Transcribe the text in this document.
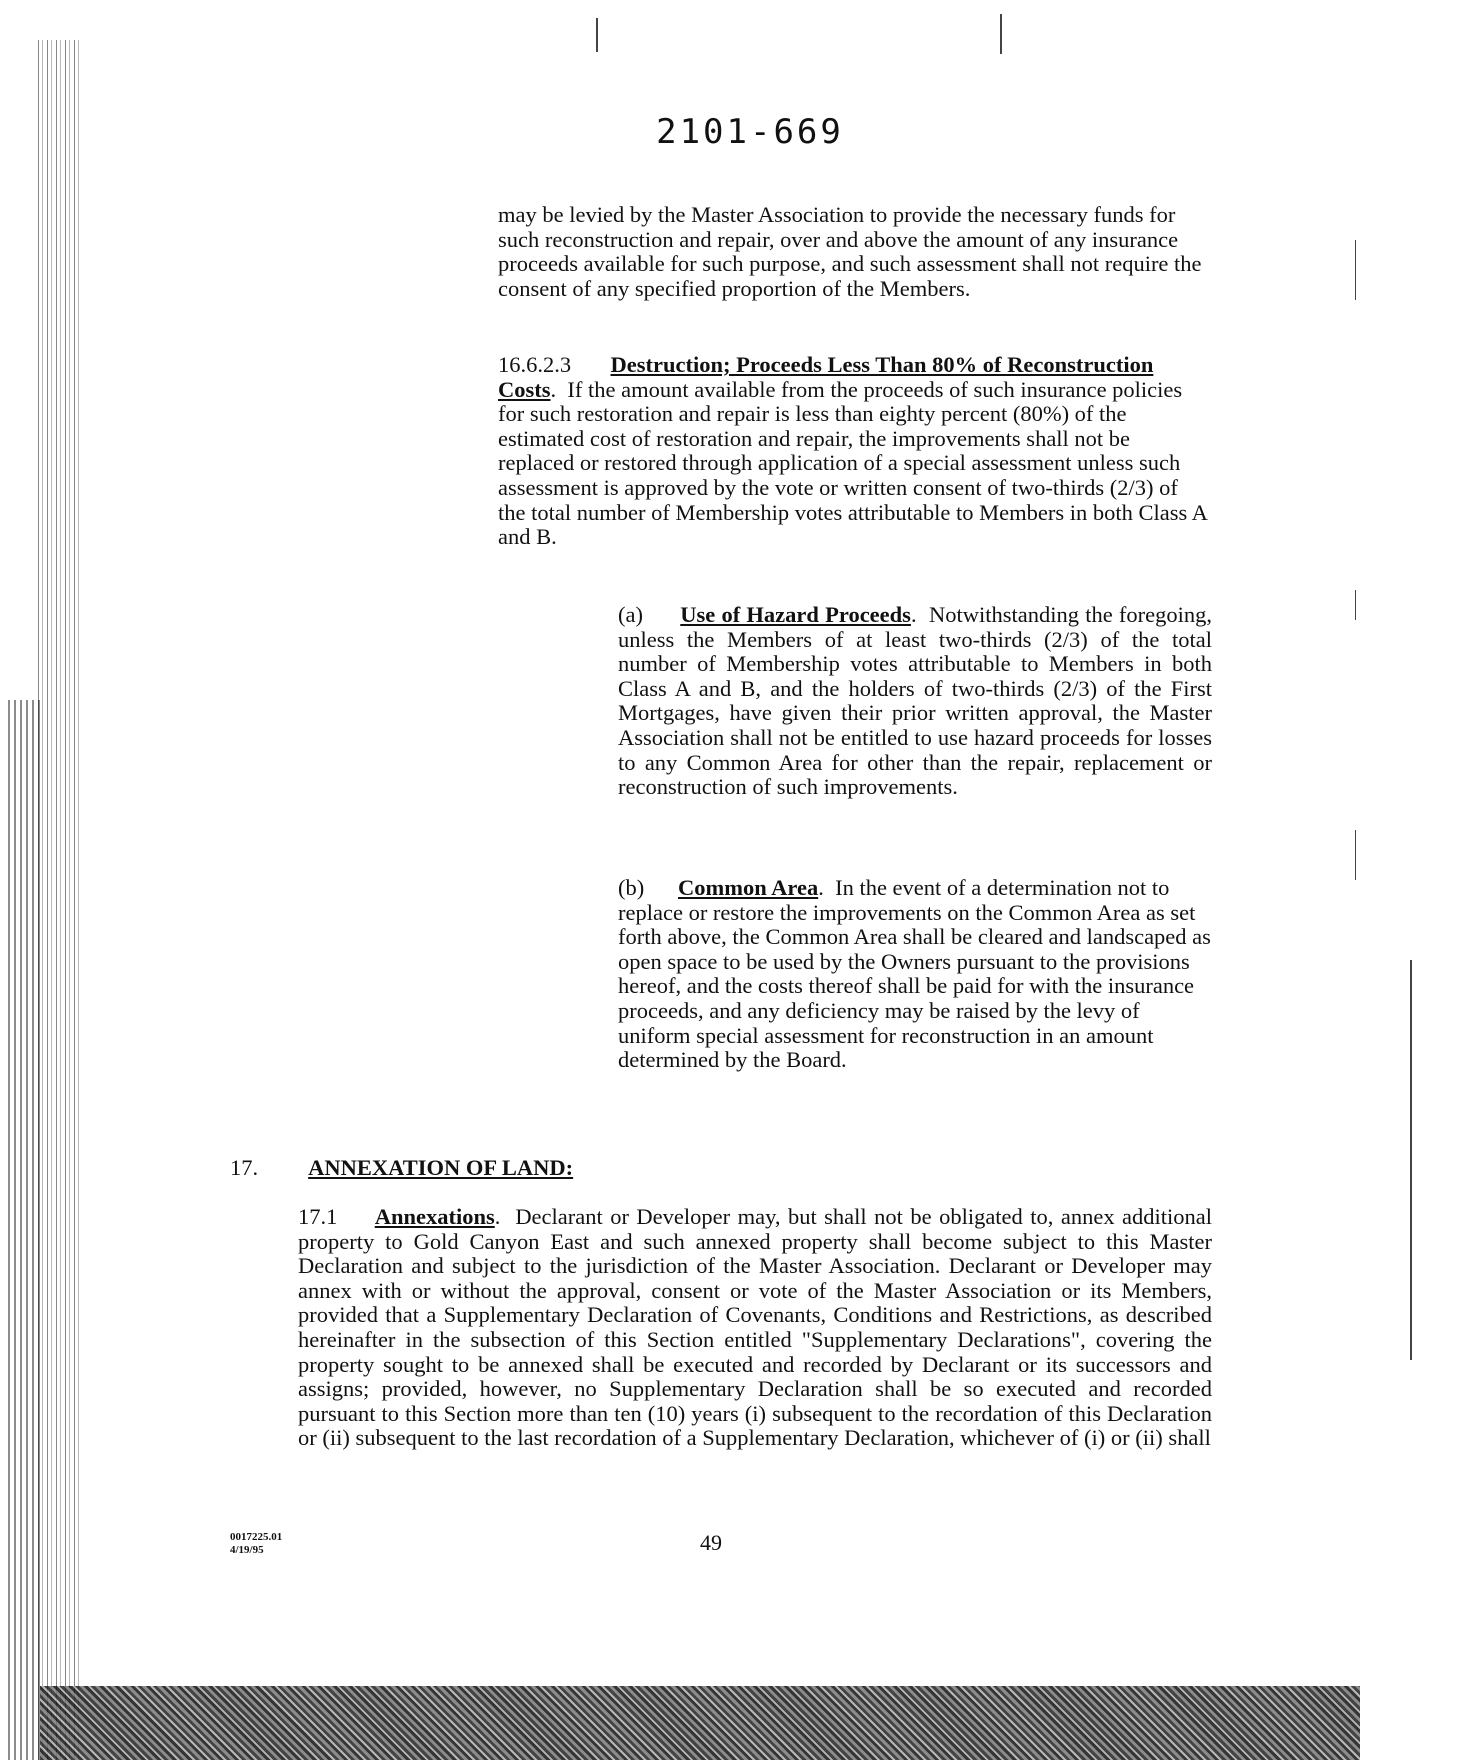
2101-669
may be levied by the Master Association to provide the necessary funds for such reconstruction and repair, over and above the amount of any insurance proceeds available for such purpose, and such assessment shall not require the consent of any specified proportion of the Members.
16.6.2.3 Destruction; Proceeds Less Than 80% of Reconstruction Costs.  If the amount available from the proceeds of such insurance policies for such restoration and repair is less than eighty percent (80%) of the estimated cost of restoration and repair, the improvements shall not be replaced or restored through application of a special assessment unless such assessment is approved by the vote or written consent of two-thirds (2/3) of the total number of Membership votes attributable to Members in both Class A and B.
(a) Use of Hazard Proceeds.  Notwithstanding the foregoing, unless the Members of at least two-thirds (2/3) of the total number of Membership votes attributable to Members in both Class A and B, and the holders of two-thirds (2/3) of the First Mortgages, have given their prior written approval, the Master Association shall not be entitled to use hazard proceeds for losses to any Common Area for other than the repair, replacement or reconstruction of such improvements.
(b) Common Area.  In the event of a determination not to replace or restore the improvements on the Common Area as set forth above, the Common Area shall be cleared and landscaped as open space to be used by the Owners pursuant to the provisions hereof, and the costs thereof shall be paid for with the insurance proceeds, and any deficiency may be raised by the levy of uniform special assessment for reconstruction in an amount determined by the Board.
17. ANNEXATION OF LAND:
17.1 Annexations.  Declarant or Developer may, but shall not be obligated to, annex additional property to Gold Canyon East and such annexed property shall become subject to this Master Declaration and subject to the jurisdiction of the Master Association. Declarant or Developer may annex with or without the approval, consent or vote of the Master Association or its Members, provided that a Supplementary Declaration of Covenants, Conditions and Restrictions, as described hereinafter in the subsection of this Section entitled "Supplementary Declarations", covering the property sought to be annexed shall be executed and recorded by Declarant or its successors and assigns; provided, however, no Supplementary Declaration shall be so executed and recorded pursuant to this Section more than ten (10) years (i) subsequent to the recordation of this Declaration or (ii) subsequent to the last recordation of a Supplementary Declaration, whichever of (i) or (ii) shall
0017225.01
4/19/95	49
